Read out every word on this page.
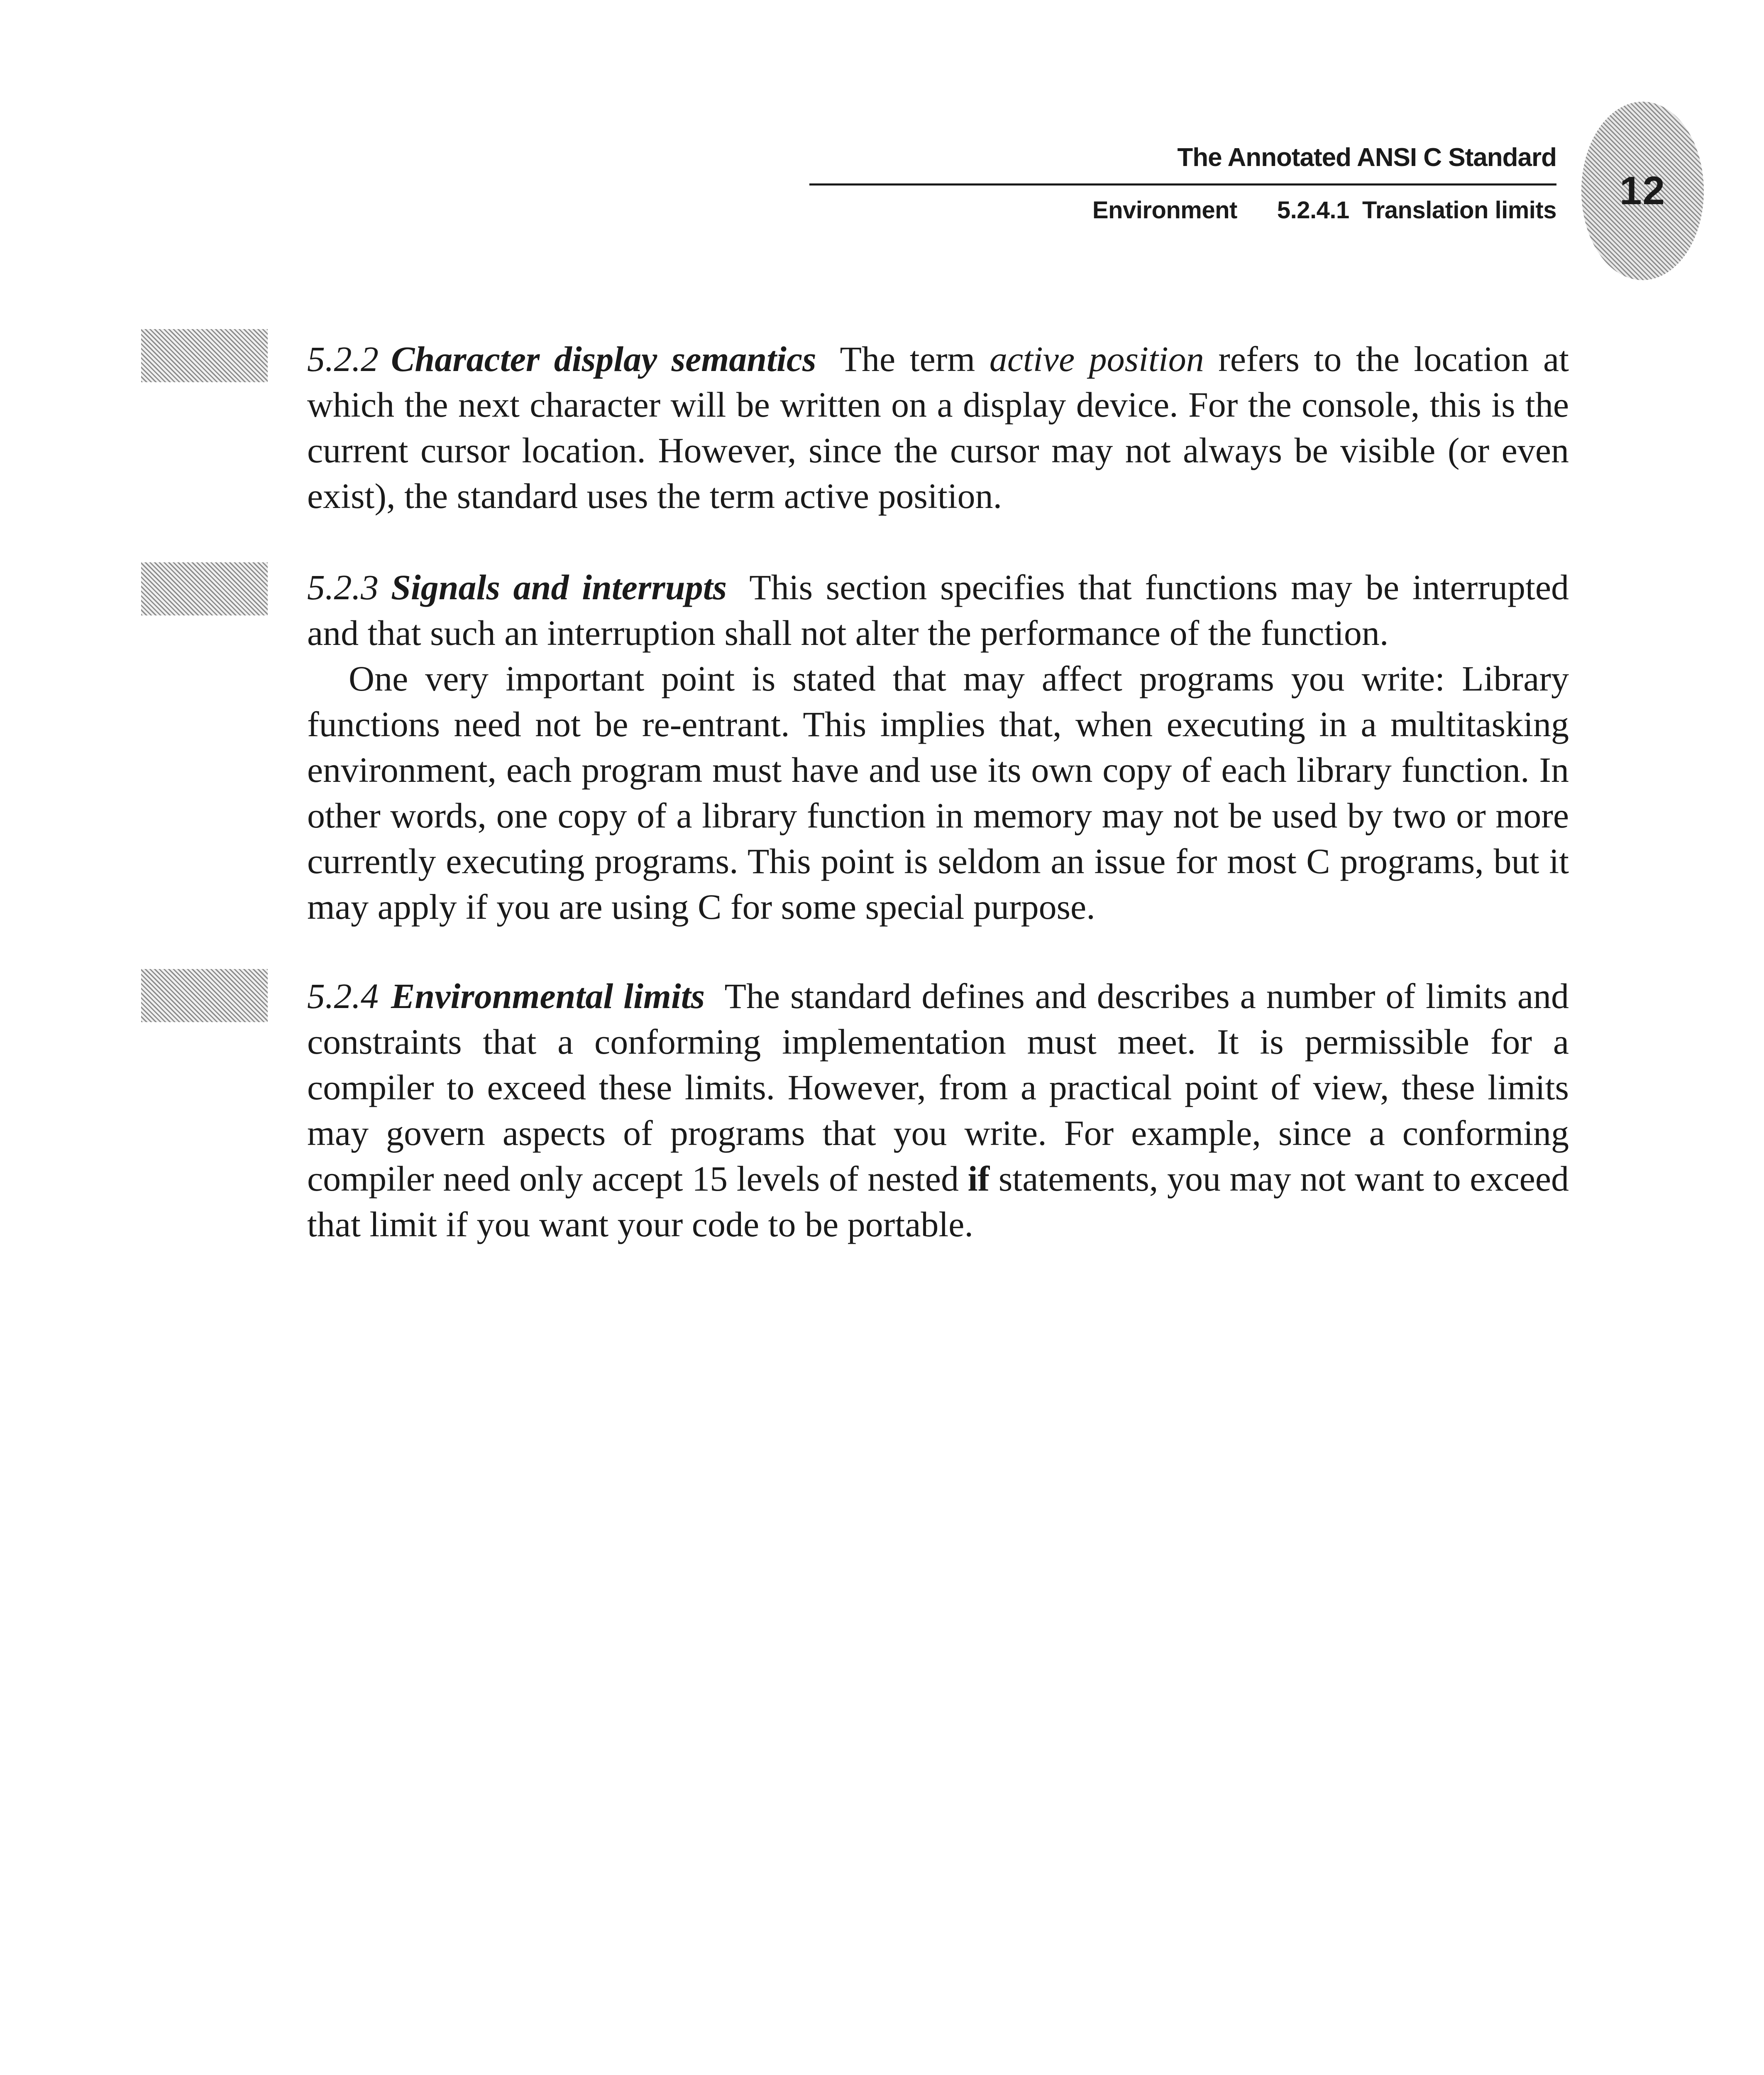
The Annotated ANSI C Standard
Environment 5.2.4.1  Translation limits 12

5.2.2 Character display semantics The term active position refers to the location at which the next character will be written on a display device. For the console, this is the current cursor location. However, since the cursor may not always be visible (or even exist), the standard uses the term active position.

5.2.3 Signals and interrupts This section specifies that functions may be interrupted and that such an interruption shall not alter the performance of the function.

One very important point is stated that may affect programs you write: Library functions need not be re-entrant. This implies that, when executing in a multitasking environment, each program must have and use its own copy of each library function. In other words, one copy of a library function in memory may not be used by two or more currently executing programs. This point is seldom an issue for most C programs, but it may apply if you are using C for some special purpose.

5.2.4 Environmental limits The standard defines and describes a number of limits and constraints that a conforming implementation must meet. It is permissible for a compiler to exceed these limits. However, from a practical point of view, these limits may govern aspects of programs that you write. For example, since a conforming compiler need only accept 15 levels of nested if statements, you may not want to exceed that limit if you want your code to be portable.
